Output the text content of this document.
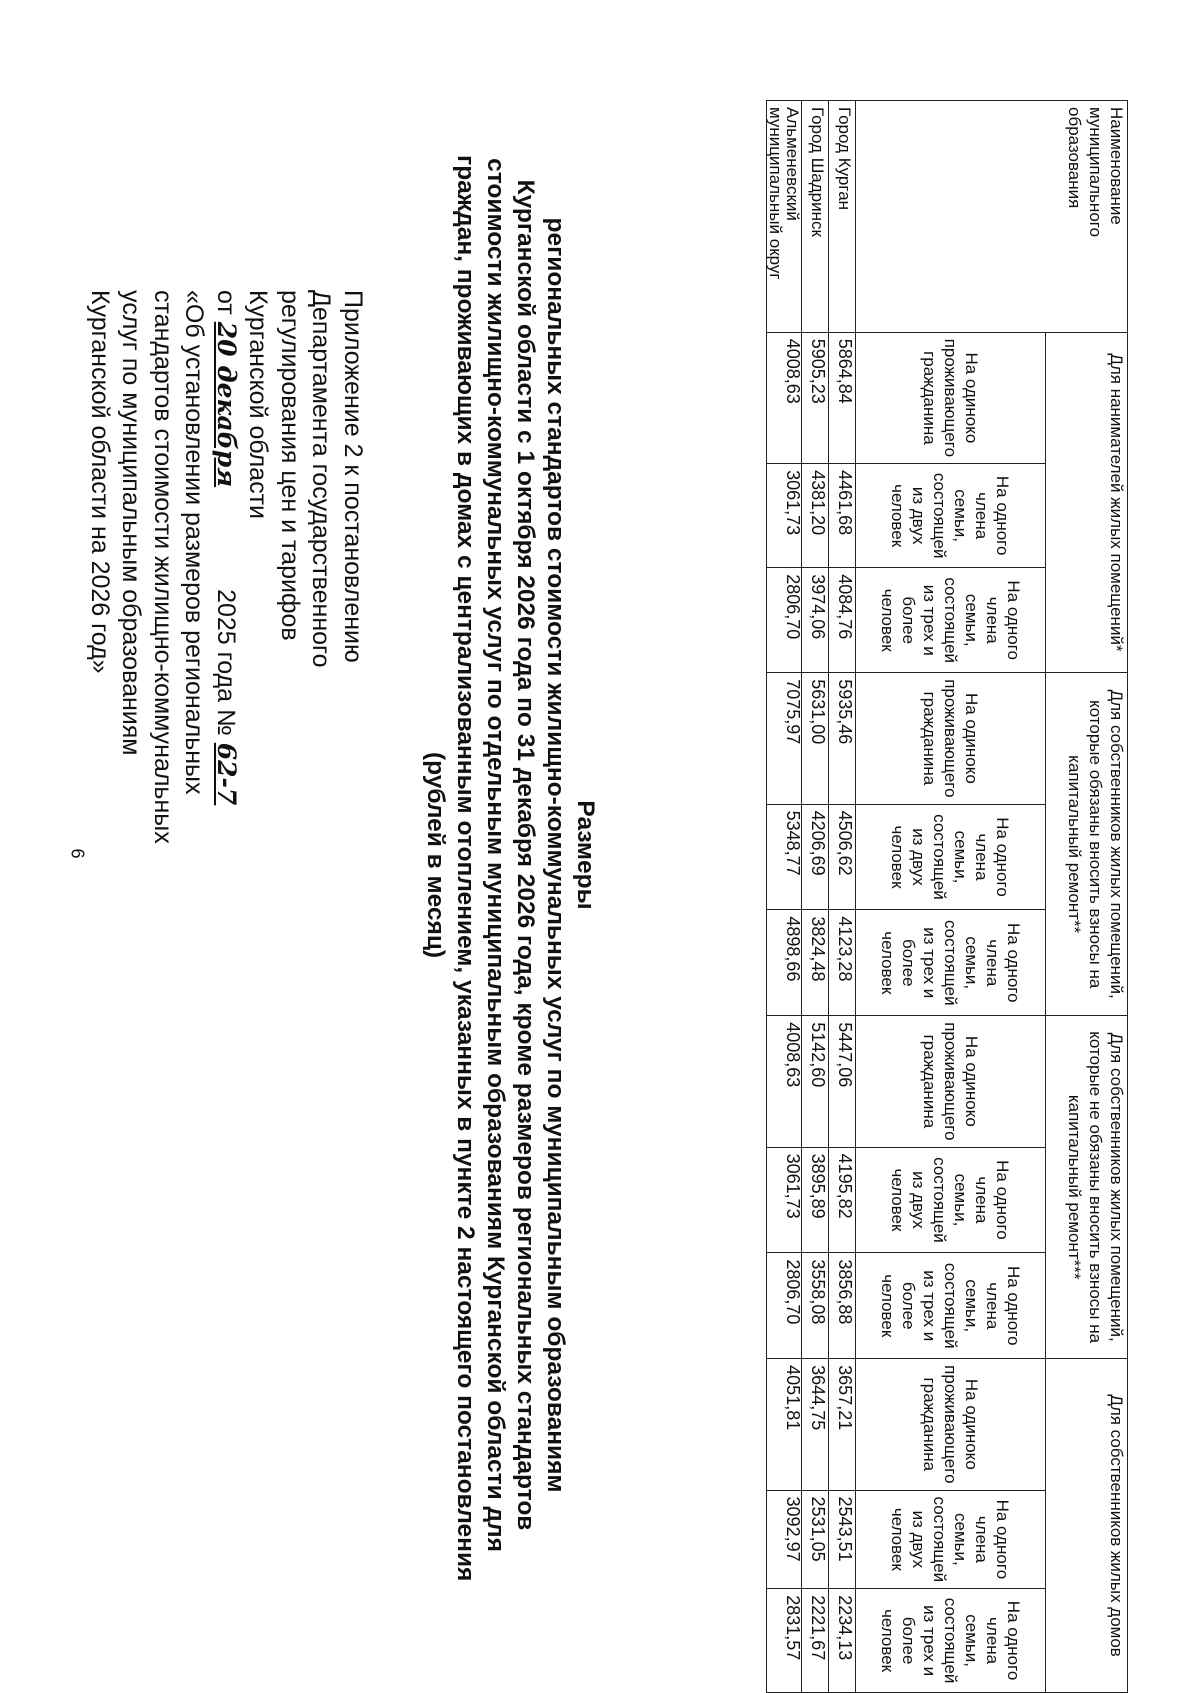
6
Приложение 2 к постановлению
Департамента государственного
регулирования цен и тарифов
Курганской области
от 20 декабря 2025 года № 62-7
«Об установлении размеров региональных
стандартов стоимости жилищно-коммунальных
услуг по муниципальным образованиям
Курганской области на 2026 год»
Размеры
региональных стандартов стоимости жилищно-коммунальных услуг по муниципальным образованиям
Курганской области с 1 октября 2026 года по 31 декабря 2026 года, кроме размеров региональных стандартов
стоимости жилищно-коммунальных услуг по отдельным муниципальным образованиям Курганской области для
граждан, проживающих в домах с централизованным отоплением, указанных в пункте 2 настоящего постановления
(рублей в месяц)
Наименование муниципального образования	Для нанимателей жилых помещений*			Для собственников жилых помещений, которые обязаны вносить взносы на капитальный ремонт**			Для собственников жилых помещений, которые не обязаны вносить взносы на капитальный ремонт***			Для собственников жилых домов		
	На одиноко проживающего гражданина	На одного члена семьи, состоящей из двух человек	На одного члена семьи, состоящей из трех и более человек	На одиноко проживающего гражданина	На одного члена семьи, состоящей из двух человек	На одного члена семьи, состоящей из трех и более человек	На одиноко проживающего гражданина	На одного члена семьи, состоящей из двух человек	На одного члена семьи, состоящей из трех и более человек	На одиноко проживающего гражданина	На одного члена семьи, состоящей из двух человек	На одного члена семьи, состоящей из трех и более человек
Город Курган	5864,84	4461,68	4084,76	5935,46	4506,62	4123,28	5447,06	4195,82	3856,88	3657,21	2543,51	2234,13
Город Шадринск	5905,23	4381,20	3974,06	5631,00	4206,69	3824,48	5142,60	3895,89	3558,08	3644,75	2531,05	2221,67
Альменевский муниципальный округ	4008,63	3061,73	2806,70	7075,97	5348,77	4898,66	4008,63	3061,73	2806,70	4051,81	3092,97	2831,57
